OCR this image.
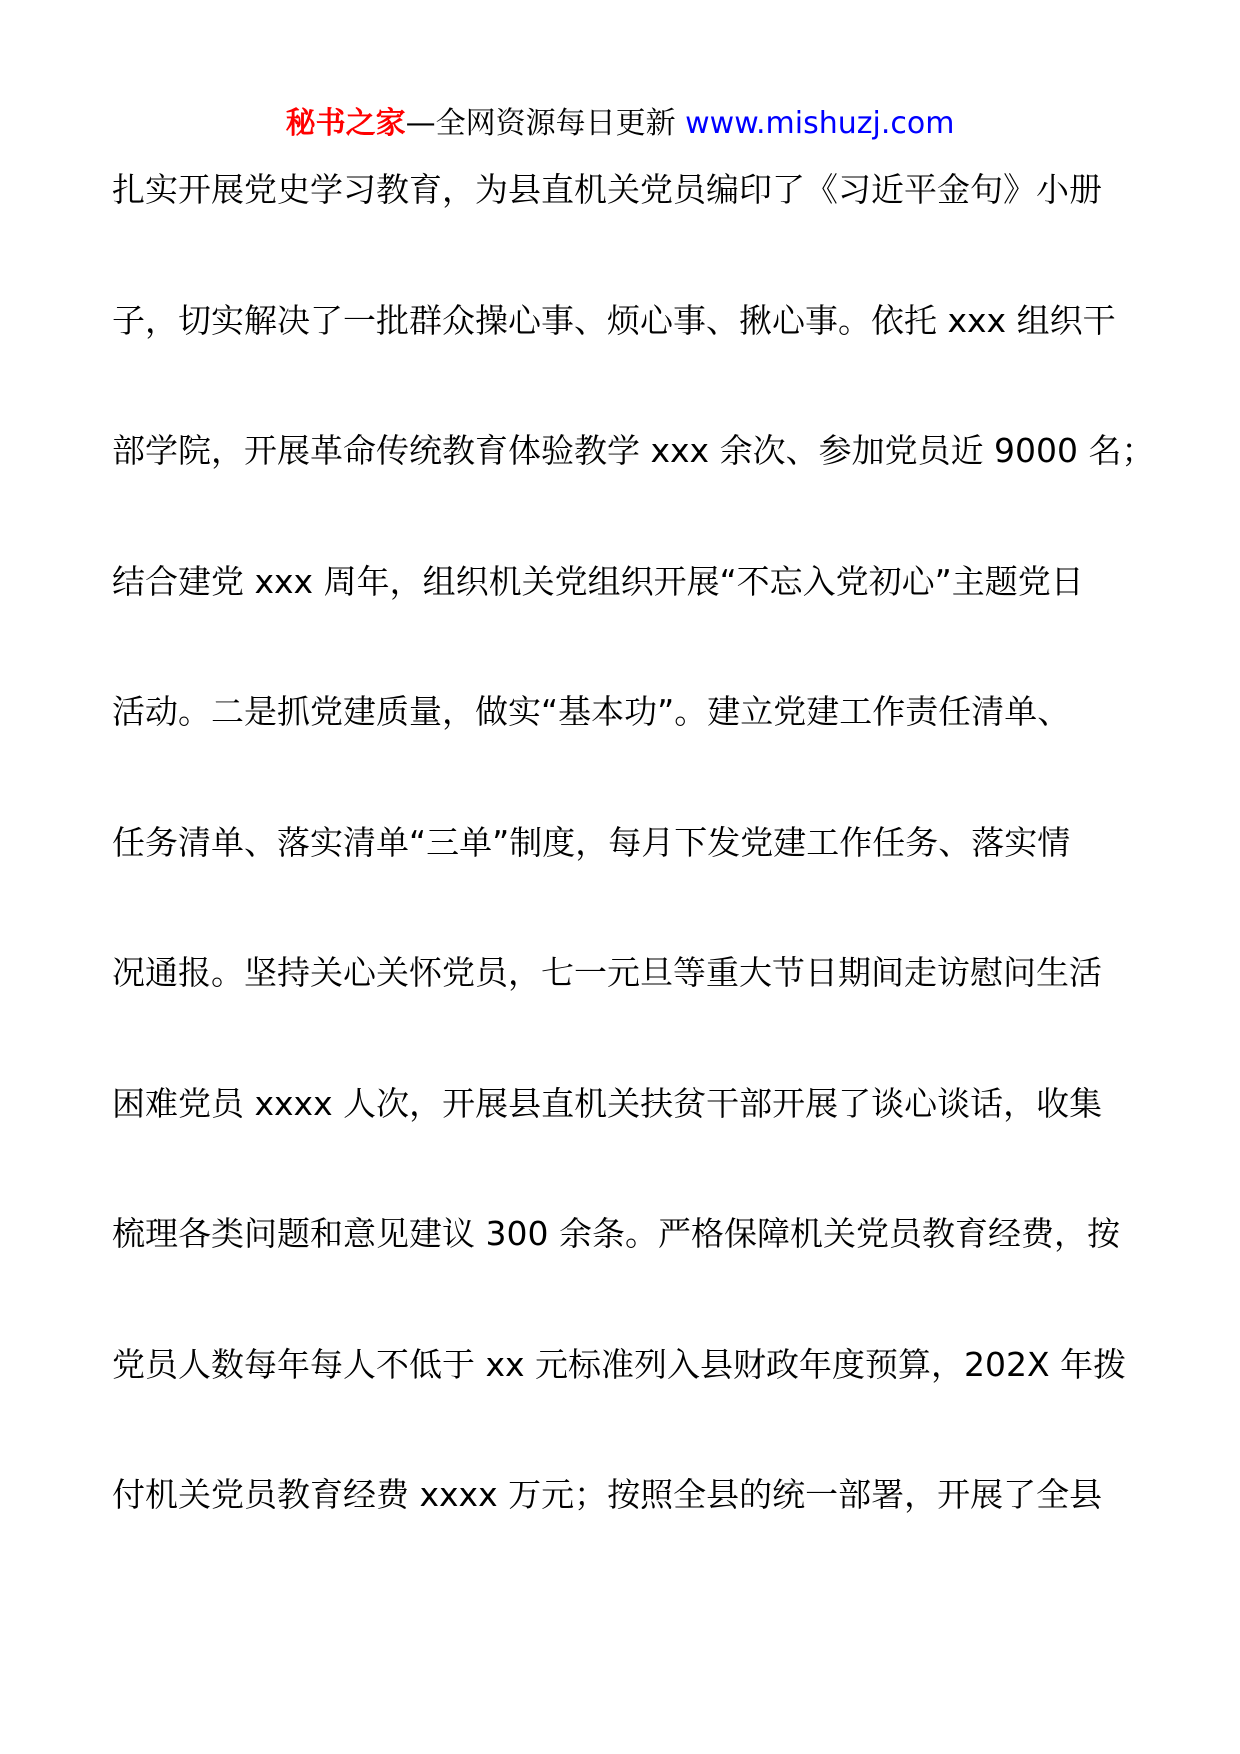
秘书之家—全网资源每日更新 www.mishuzj.com
扎实开展党史学习教育，为县直机关党员编印了《习近平金句》小册
子，切实解决了一批群众操心事、烦心事、揪心事。依托 xxx 组织干
部学院，开展革命传统教育体验教学 xxx 余次、参加党员近 9000 名；
结合建党 xxx 周年，组织机关党组织开展“不忘入党初心”主题党日
活动。二是抓党建质量，做实“基本功”。建立党建工作责任清单、
任务清单、落实清单“三单”制度，每月下发党建工作任务、落实情
况通报。坚持关心关怀党员，七一元旦等重大节日期间走访慰问生活
困难党员 xxxx 人次，开展县直机关扶贫干部开展了谈心谈话，收集
梳理各类问题和意见建议 300 余条。严格保障机关党员教育经费，按
党员人数每年每人不低于 xx 元标准列入县财政年度预算，202X 年拨
付机关党员教育经费 xxxx 万元；按照全县的统一部署，开展了全县
